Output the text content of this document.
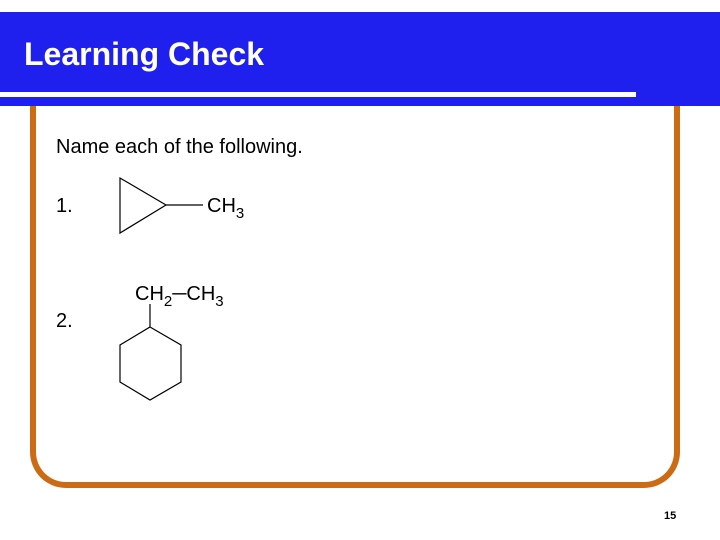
Learning Check
Name each of the following.
1.
2.
$CH_3$
$CH_2─CH_3$
15
